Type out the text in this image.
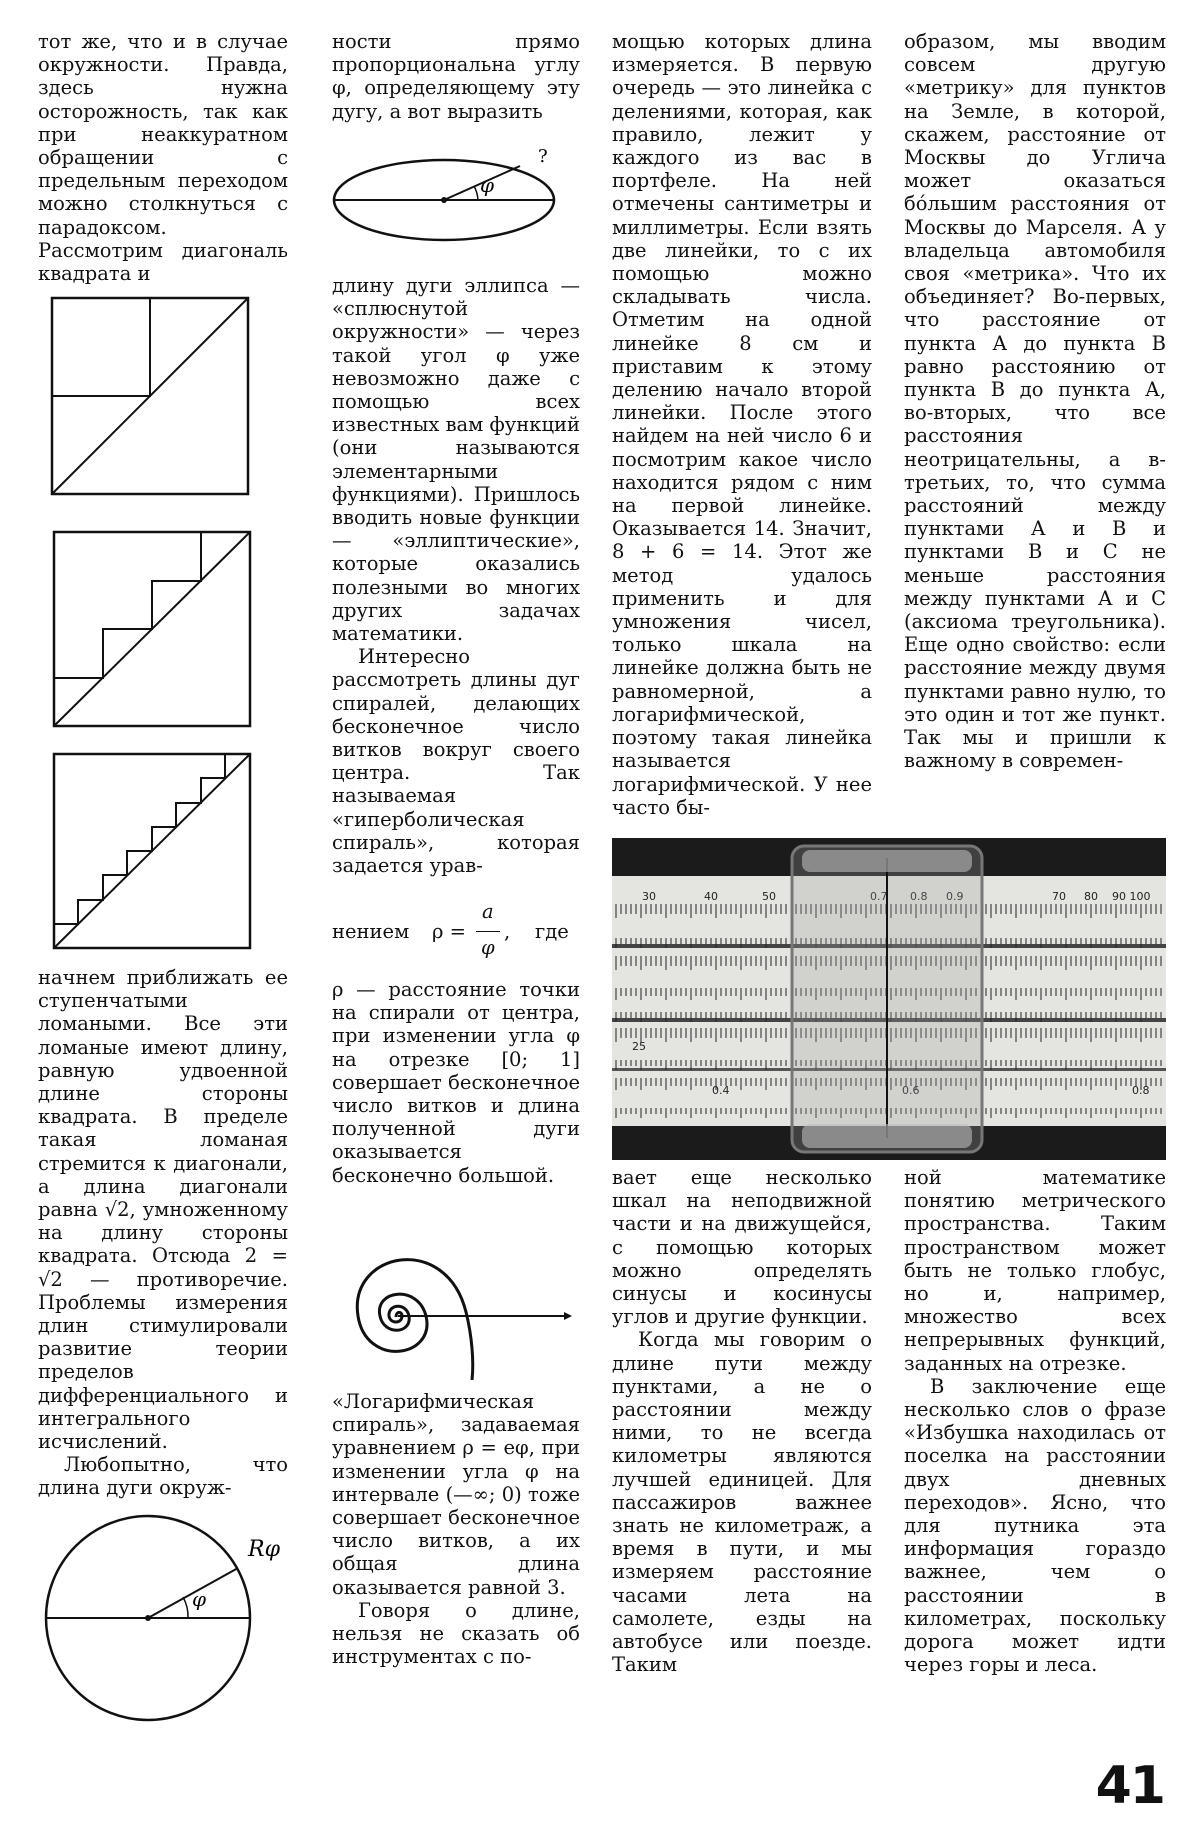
тот же, что и в случае окружности. Правда, здесь нужна осторожность, так как при неаккуратном обращении с предельным переходом можно столкнуться с парадоксом. Рассмотрим диагональ квадрата и

начнем приближать ее ступенчатыми ломаными. Все эти ломаные имеют длину, равную удвоенной длине стороны квадрата. В пределе такая ломаная стремится к диагонали, а длина диагонали равна √2, умноженному на длину стороны квадрата. Отсюда 2 = √2 — противоречие. Проблемы измерения длин стимулировали развитие теории пределов дифференциального и интегрального исчислений.

Любопытно, что длина дуги окруж-

φ
Rφ

ности прямо пропорциональна углу φ, определяющему эту дугу, а вот выразить

φ
?

длину дуги эллипса — «сплюснутой окружности» — через такой угол φ уже невозможно даже с помощью всех известных вам функций (они называются элементарными функциями). Пришлось вводить новые функции — «эллиптические», которые оказались полезными во многих других задачах математики.

Интересно рассмотреть длины дуг спиралей, делающих бесконечное число витков вокруг своего центра. Так называемая «гиперболическая спираль», которая задается урав-

нением ρ =
a
φ
,    где

ρ — расстояние точки на спирали от центра, при изменении угла φ на отрезке [0; 1] совершает бесконечное число витков и длина полученной дуги оказывается бесконечно большой.

«Логарифмическая спираль», задаваемая уравнением ρ = eφ, при изменении угла φ на интервале (—∞; 0) тоже совершает бесконечное число витков, а их общая длина оказывается равной 3.

Говоря о длине, нельзя не сказать об инструментах с по-

мощью которых длина измеряется. В первую очередь — это линейка с делениями, которая, как правило, лежит у каждого из вас в портфеле. На ней отмечены сантиметры и миллиметры. Если взять две линейки, то с их помощью можно складывать числа. Отметим на одной линейке 8 см и приставим к этому делению начало второй линейки. После этого найдем на ней число 6 и посмотрим какое число находится рядом с ним на первой линейке. Оказывается 14. Значит, 8 + 6 = 14. Этот же метод удалось применить и для умножения чисел, только шкала на линейке должна быть не равномерной, а логарифмической, поэтому такая линейка называется логарифмической. У нее часто бы-

30	40	50	70 80 90 100
25
0.4	0.8

вает еще несколько шкал на неподвижной части и на движущейся, с помощью которых можно определять синусы и косинусы углов и другие функции.

Когда мы говорим о длине пути между пунктами, а не о расстоянии между ними, то не всегда километры являются лучшей единицей. Для пассажиров важнее знать не километраж, а время в пути, и мы измеряем расстояние часами лета на самолете, езды на автобусе или поезде. Таким

образом, мы вводим совсем другую «метрику» для пунктов на Земле, в которой, скажем, расстояние от Москвы до Углича может оказаться бо́льшим расстояния от Москвы до Марселя. А у владельца автомобиля своя «метрика». Что их объединяет? Во-первых, что расстояние от пункта А до пункта В равно расстоянию от пункта В до пункта А, во-вторых, что все расстояния неотрицательны, а в-третьих, то, что сумма расстояний между пунктами А и В и пунктами В и С не меньше расстояния между пунктами А и С (аксиома треугольника). Еще одно свойство: если расстояние между двумя пунктами равно нулю, то это один и тот же пункт. Так мы и пришли к важному в современ-

ной математике понятию метрического пространства. Таким пространством может быть не только глобус, но и, например, множество всех непрерывных функций, заданных на отрезке.

В заключение еще несколько слов о фразе «Избушка находилась от поселка на расстоянии двух дневных переходов». Ясно, что для путника эта информация гораздо важнее, чем о расстоянии в километрах, поскольку дорога может идти через горы и леса.

41
